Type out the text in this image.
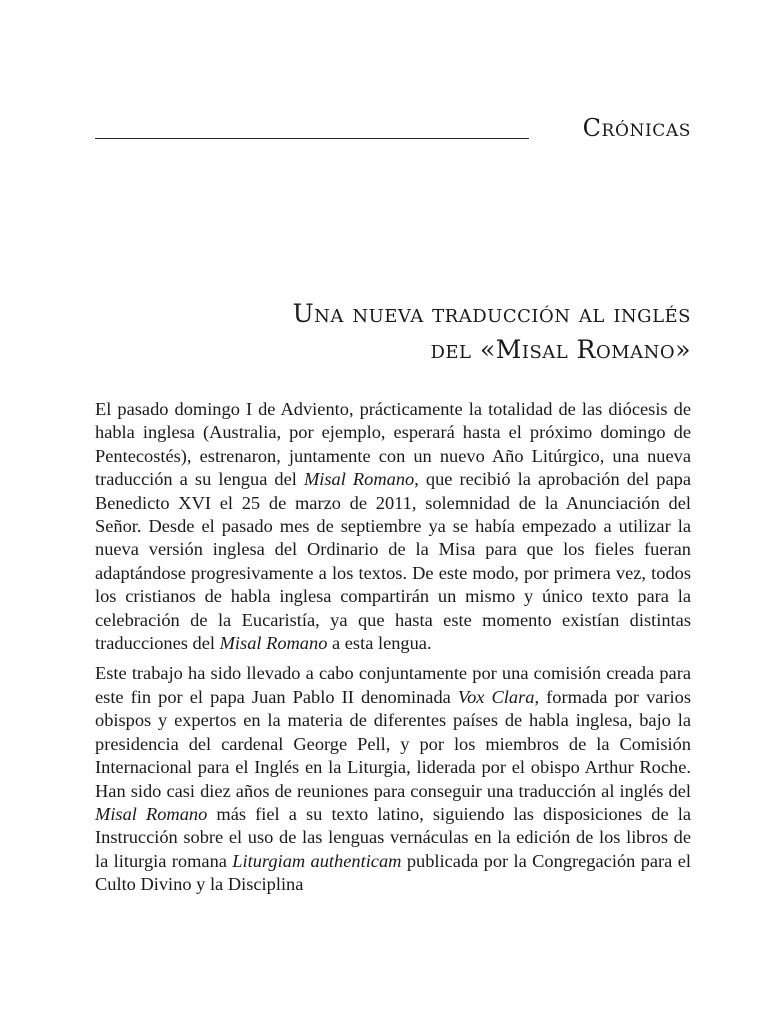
Crónicas
Una nueva traducción al inglés
del «Misal Romano»

El pasado domingo I de Adviento, prácticamente la totalidad de las diócesis de habla inglesa (Australia, por ejemplo, esperará hasta el próximo domingo de Pentecostés), estrenaron, juntamente con un nuevo Año Litúrgico, una nueva traducción a su lengua del Misal Romano, que recibió la aprobación del papa Benedicto XVI el 25 de marzo de 2011, solemnidad de la Anunciación del Señor. Desde el pasado mes de septiembre ya se había empezado a utilizar la nueva versión inglesa del Ordinario de la Misa para que los fieles fueran adaptándose progresivamente a los textos. De este modo, por primera vez, todos los cristianos de habla inglesa compartirán un mismo y único texto para la celebración de la Eucaristía, ya que hasta este momento existían distintas traducciones del Misal Romano a esta lengua.

Este trabajo ha sido llevado a cabo conjuntamente por una comisión creada para este fin por el papa Juan Pablo II denominada Vox Clara, formada por varios obispos y expertos en la materia de diferentes países de habla inglesa, bajo la presidencia del cardenal George Pell, y por los miembros de la Comisión Internacional para el Inglés en la Liturgia, liderada por el obispo Arthur Roche. Han sido casi diez años de reuniones para conseguir una traducción al inglés del Misal Romano más fiel a su texto latino, siguiendo las disposiciones de la Instrucción sobre el uso de las lenguas vernáculas en la edición de los libros de la liturgia romana Liturgiam authenticam publicada por la Congregación para el Culto Divino y la Disciplina
